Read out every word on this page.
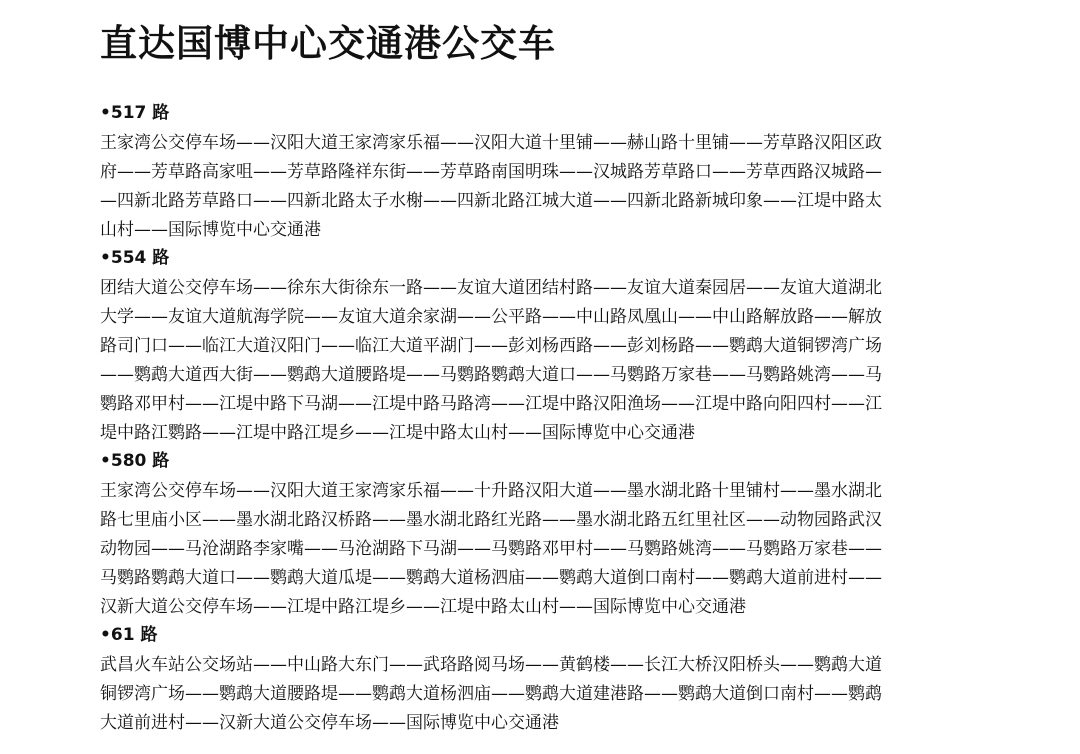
直达国博中心交通港公交车
•517 路
王家湾公交停车场——汉阳大道王家湾家乐福——汉阳大道十里铺——赫山路十里铺——芳草路汉阳区政
府——芳草路高家咀——芳草路隆祥东街——芳草路南国明珠——汉城路芳草路口——芳草西路汉城路—
—四新北路芳草路口——四新北路太子水榭——四新北路江城大道——四新北路新城印象——江堤中路太
山村——国际博览中心交通港
•554 路
团结大道公交停车场——徐东大街徐东一路——友谊大道团结村路——友谊大道秦园居——友谊大道湖北
大学——友谊大道航海学院——友谊大道余家湖——公平路——中山路凤凰山——中山路解放路——解放
路司门口——临江大道汉阳门——临江大道平湖门——彭刘杨西路——彭刘杨路——鹦鹉大道铜锣湾广场
——鹦鹉大道西大街——鹦鹉大道腰路堤——马鹦路鹦鹉大道口——马鹦路万家巷——马鹦路姚湾——马
鹦路邓甲村——江堤中路下马湖——江堤中路马路湾——江堤中路汉阳渔场——江堤中路向阳四村——江
堤中路江鹦路——江堤中路江堤乡——江堤中路太山村——国际博览中心交通港
•580 路
王家湾公交停车场——汉阳大道王家湾家乐福——十升路汉阳大道——墨水湖北路十里铺村——墨水湖北
路七里庙小区——墨水湖北路汉桥路——墨水湖北路红光路——墨水湖北路五红里社区——动物园路武汉
动物园——马沧湖路李家嘴——马沧湖路下马湖——马鹦路邓甲村——马鹦路姚湾——马鹦路万家巷——
马鹦路鹦鹉大道口——鹦鹉大道瓜堤——鹦鹉大道杨泗庙——鹦鹉大道倒口南村——鹦鹉大道前进村——
汉新大道公交停车场——江堤中路江堤乡——江堤中路太山村——国际博览中心交通港
•61 路
武昌火车站公交场站——中山路大东门——武珞路阅马场——黄鹤楼——长江大桥汉阳桥头——鹦鹉大道
铜锣湾广场——鹦鹉大道腰路堤——鹦鹉大道杨泗庙——鹦鹉大道建港路——鹦鹉大道倒口南村——鹦鹉
大道前进村——汉新大道公交停车场——国际博览中心交通港
